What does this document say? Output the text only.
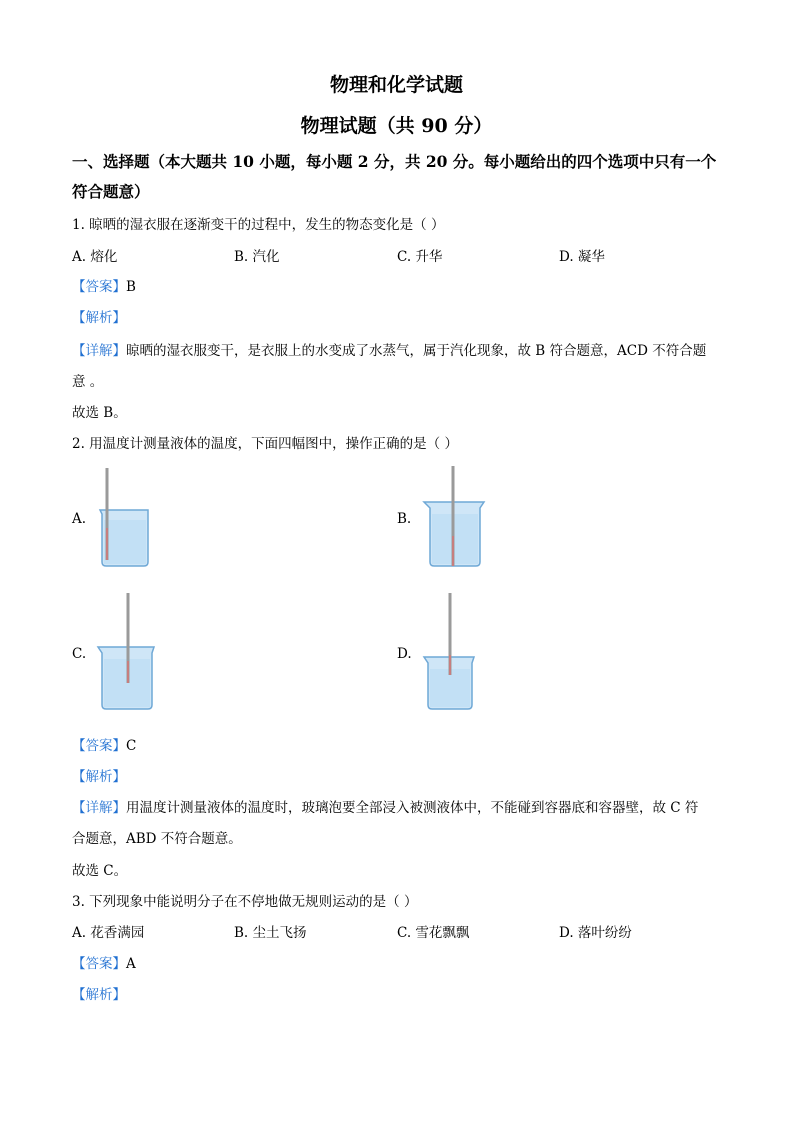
物理和化学试题
物理试题（共 90 分）
一、选择题（本大题共 10 小题，每小题 2 分，共 20 分。每小题给出的四个选项中只有一个
符合题意）
1. 晾晒的湿衣服在逐渐变干的过程中，发生的物态变化是（ ）
A. 熔化	B. 汽化	C. 升华	D. 凝华
【答案】B
【解析】
【详解】晾晒的湿衣服变干，是衣服上的水变成了水蒸气，属于汽化现象，故 B 符合题意，ACD 不符合题
意 。
故选 B。
2. 用温度计测量液体的温度，下面四幅图中，操作正确的是（ ）
A.	B.
C.	D.
【答案】C
【解析】
【详解】用温度计测量液体的温度时，玻璃泡要全部浸入被测液体中，不能碰到容器底和容器壁，故 C 符
合题意，ABD 不符合题意。
故选 C。
3. 下列现象中能说明分子在不停地做无规则运动的是（ ）
A. 花香满园	B. 尘土飞扬	C. 雪花飘飘	D. 落叶纷纷
【答案】A
【解析】
